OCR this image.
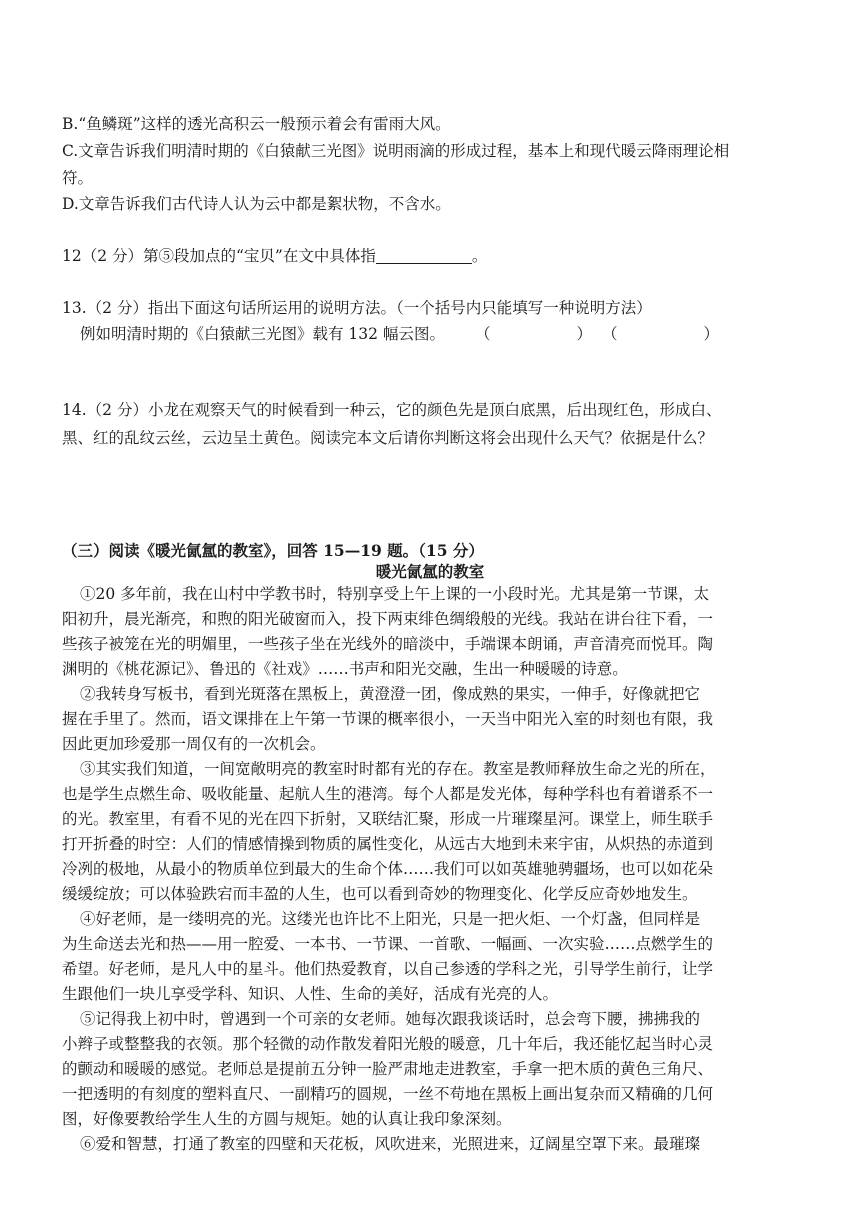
B.“鱼鳞斑”这样的透光高积云一般预示着会有雷雨大风。
C.文章告诉我们明清时期的《白猿献三光图》说明雨滴的形成过程，基本上和现代暖云降雨理论相
符。
D.文章告诉我们古代诗人认为云中都是絮状物，不含水。
12（2 分）第⑤段加点的“宝贝”在文中具体指	。
13.（2 分）指出下面这句话所运用的说明方法。（一个括号内只能填写一种说明方法）
例如明清时期的《白猿献三光图》载有 132 幅云图。 （	） （	）
14.（2 分）小龙在观察天气的时候看到一种云，它的颜色先是顶白底黑，后出现红色，形成白、
黑、红的乱纹云丝，云边呈土黄色。阅读完本文后请你判断这将会出现什么天气？依据是什么？
（三）阅读《暖光氤氲的教室》，回答 15—19 题。（15 分）
暖光氤氲的教室
①20 多年前，我在山村中学教书时，特别享受上午上课的一小段时光。尤其是第一节课，太
阳初升，晨光渐亮，和煦的阳光破窗而入，投下两束绯色绸缎般的光线。我站在讲台往下看，一
些孩子被笼在光的明媚里，一些孩子坐在光线外的暗淡中，手端课本朗诵，声音清亮而悦耳。陶
渊明的《桃花源记》、鲁迅的《社戏》……书声和阳光交融，生出一种暖暖的诗意。
②我转身写板书，看到光斑落在黑板上，黄澄澄一团，像成熟的果实，一伸手，好像就把它
握在手里了。然而，语文课排在上午第一节课的概率很小，一天当中阳光入室的时刻也有限，我
因此更加珍爱那一周仅有的一次机会。
③其实我们知道，一间宽敞明亮的教室时时都有光的存在。教室是教师释放生命之光的所在，
也是学生点燃生命、吸收能量、起航人生的港湾。每个人都是发光体，每种学科也有着谱系不一
的光。教室里，有看不见的光在四下折射，又联结汇聚，形成一片璀璨星河。课堂上，师生联手
打开折叠的时空：人们的情感情操到物质的属性变化，从远古大地到未来宇宙，从炽热的赤道到
冷冽的极地，从最小的物质单位到最大的生命个体……我们可以如英雄驰骋疆场，也可以如花朵
缓缓绽放；可以体验跌宕而丰盈的人生，也可以看到奇妙的物理变化、化学反应奇妙地发生。
④好老师，是一缕明亮的光。这缕光也许比不上阳光，只是一把火炬、一个灯盏，但同样是
为生命送去光和热——用一腔爱、一本书、一节课、一首歌、一幅画、一次实验……点燃学生的
希望。好老师，是凡人中的星斗。他们热爱教育，以自己参透的学科之光，引导学生前行，让学
生跟他们一块儿享受学科、知识、人性、生命的美好，活成有光亮的人。
⑤记得我上初中时，曾遇到一个可亲的女老师。她每次跟我谈话时，总会弯下腰，拂拂我的
小辫子或整整我的衣领。那个轻微的动作散发着阳光般的暖意，几十年后，我还能忆起当时心灵
的颤动和暖暖的感觉。老师总是提前五分钟一脸严肃地走进教室，手拿一把木质的黄色三角尺、
一把透明的有刻度的塑料直尺、一副精巧的圆规，一丝不苟地在黑板上画出复杂而又精确的几何
图，好像要教给学生人生的方圆与规矩。她的认真让我印象深刻。
⑥爱和智慧，打通了教室的四壁和天花板，风吹进来，光照进来，辽阔星空罩下来。最璀璨
